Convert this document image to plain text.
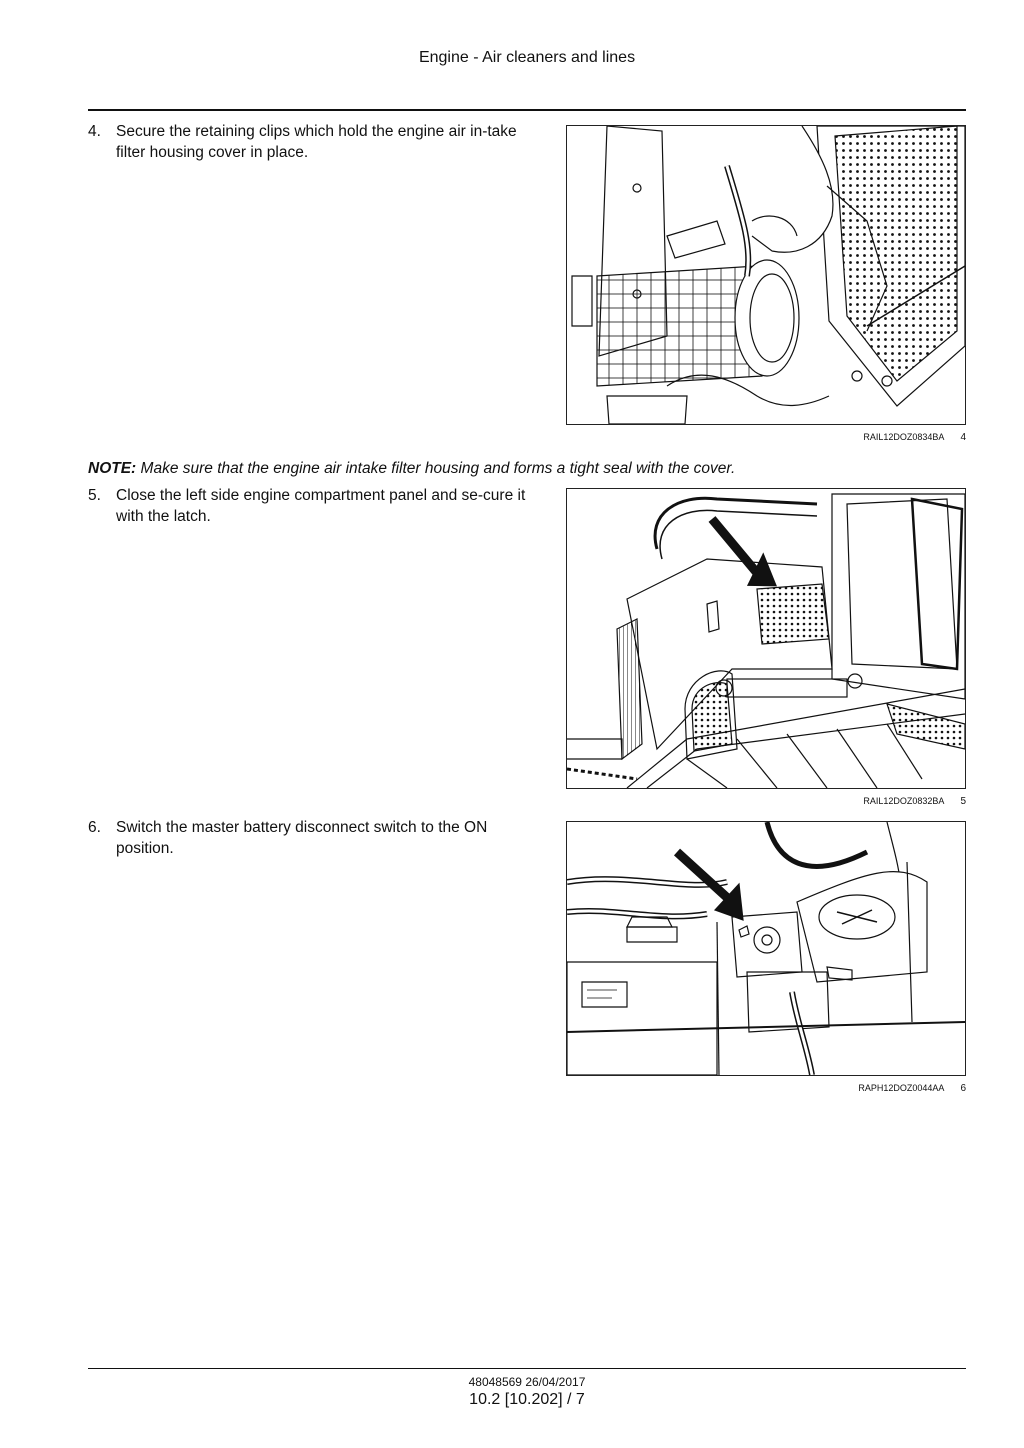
Engine - Air cleaners and lines
4. Secure the retaining clips which hold the engine air in-take filter housing cover in place.
RAIL12DOZ0834BA 4
NOTE: Make sure that the engine air intake filter housing and forms a tight seal with the cover.
5. Close the left side engine compartment panel and se-cure it with the latch.
RAIL12DOZ0832BA 5
6. Switch the master battery disconnect switch to the ON position.
RAPH12DOZ0044AA 6
48048569 26/04/2017
10.2 [10.202] / 7
